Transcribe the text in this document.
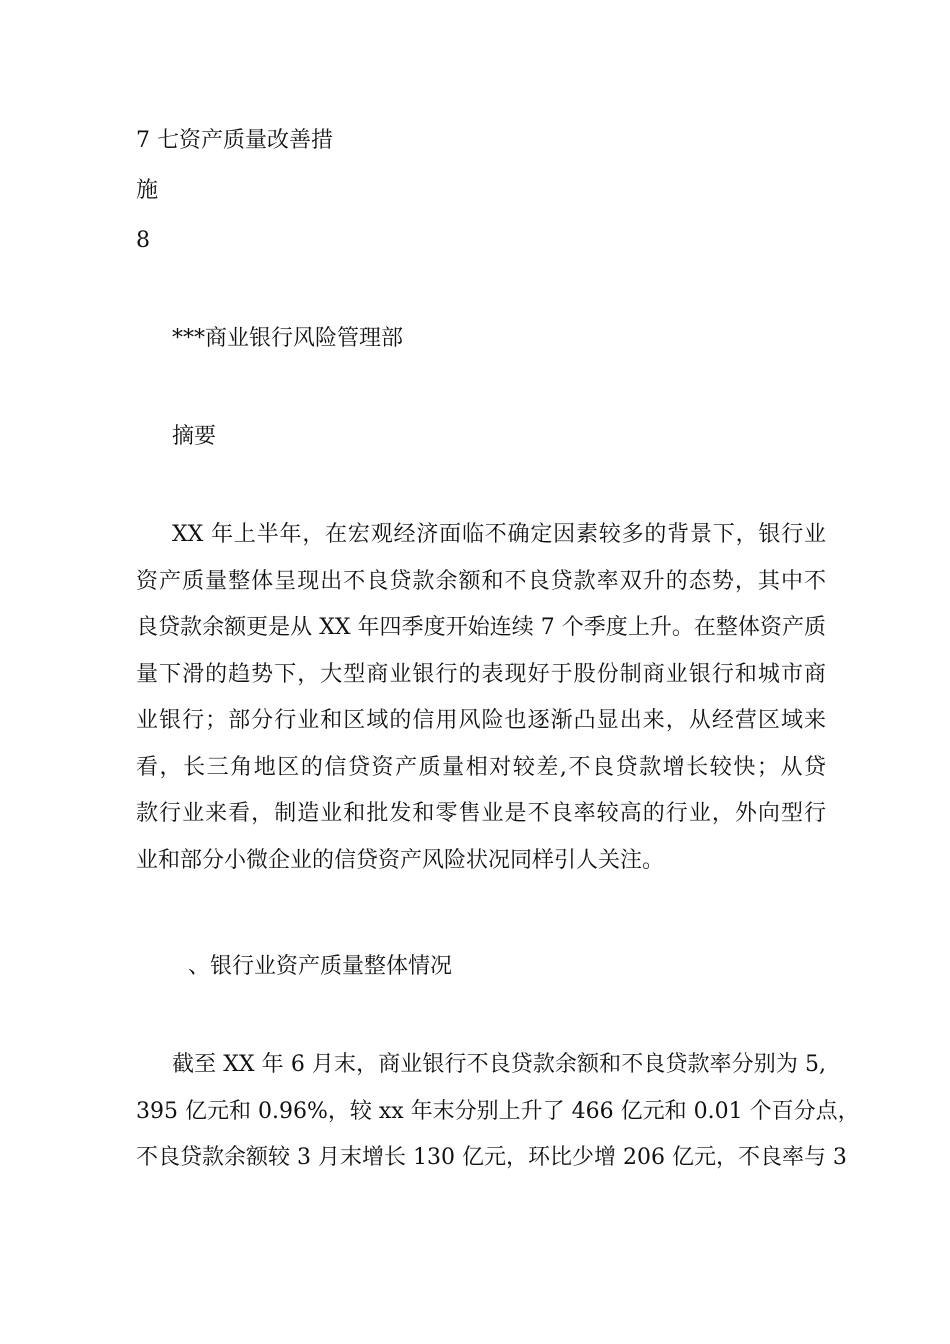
7 七资产质量改善措
施
8
***商业银行风险管理部
摘要
XX 年上半年，在宏观经济面临不确定因素较多的背景下，银行业
资产质量整体呈现出不良贷款余额和不良贷款率双升的态势，其中不
良贷款余额更是从 XX 年四季度开始连续 7 个季度上升。在整体资产质
量下滑的趋势下，大型商业银行的表现好于股份制商业银行和城市商
业银行；部分行业和区域的信用风险也逐渐凸显出来，从经营区域来
看，长三角地区的信贷资产质量相对较差,不良贷款增长较快；从贷
款行业来看，制造业和批发和零售业是不良率较高的行业，外向型行
业和部分小微企业的信贷资产风险状况同样引人关注。
、银行业资产质量整体情况
截至 XX 年 6 月末，商业银行不良贷款余额和不良贷款率分别为 5,
395 亿元和 0.96%，较 xx 年末分别上升了 466 亿元和 0.01 个百分点，
不良贷款余额较 3 月末增长 130 亿元，环比少增 206 亿元，不良率与 3
